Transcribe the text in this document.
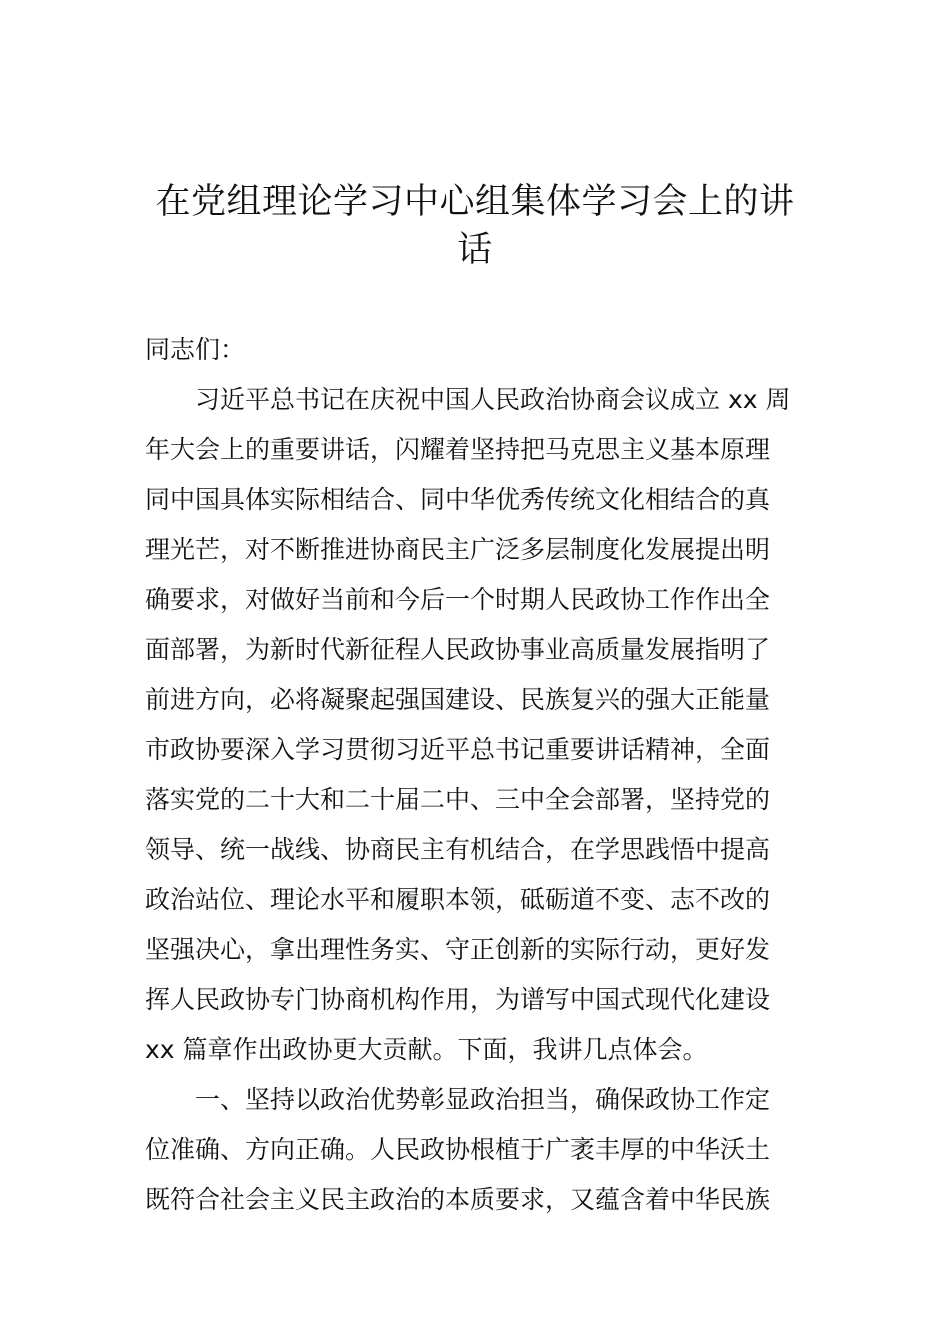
在党组理论学习中心组集体学习会上的讲
话
同志们：
习近平总书记在庆祝中国人民政治协商会议成立 xx 周
年大会上的重要讲话，闪耀着坚持把马克思主义基本原理
同中国具体实际相结合、同中华优秀传统文化相结合的真
理光芒，对不断推进协商民主广泛多层制度化发展提出明
确要求，对做好当前和今后一个时期人民政协工作作出全
面部署，为新时代新征程人民政协事业高质量发展指明了
前进方向，必将凝聚起强国建设、民族复兴的强大正能量
市政协要深入学习贯彻习近平总书记重要讲话精神，全面
落实党的二十大和二十届二中、三中全会部署，坚持党的
领导、统一战线、协商民主有机结合，在学思践悟中提高
政治站位、理论水平和履职本领，砥砺道不变、志不改的
坚强决心，拿出理性务实、守正创新的实际行动，更好发
挥人民政协专门协商机构作用，为谱写中国式现代化建设
xx 篇章作出政协更大贡献。下面，我讲几点体会。
一、坚持以政治优势彰显政治担当，确保政协工作定
位准确、方向正确。人民政协根植于广袤丰厚的中华沃土
既符合社会主义民主政治的本质要求，又蕴含着中华民族
